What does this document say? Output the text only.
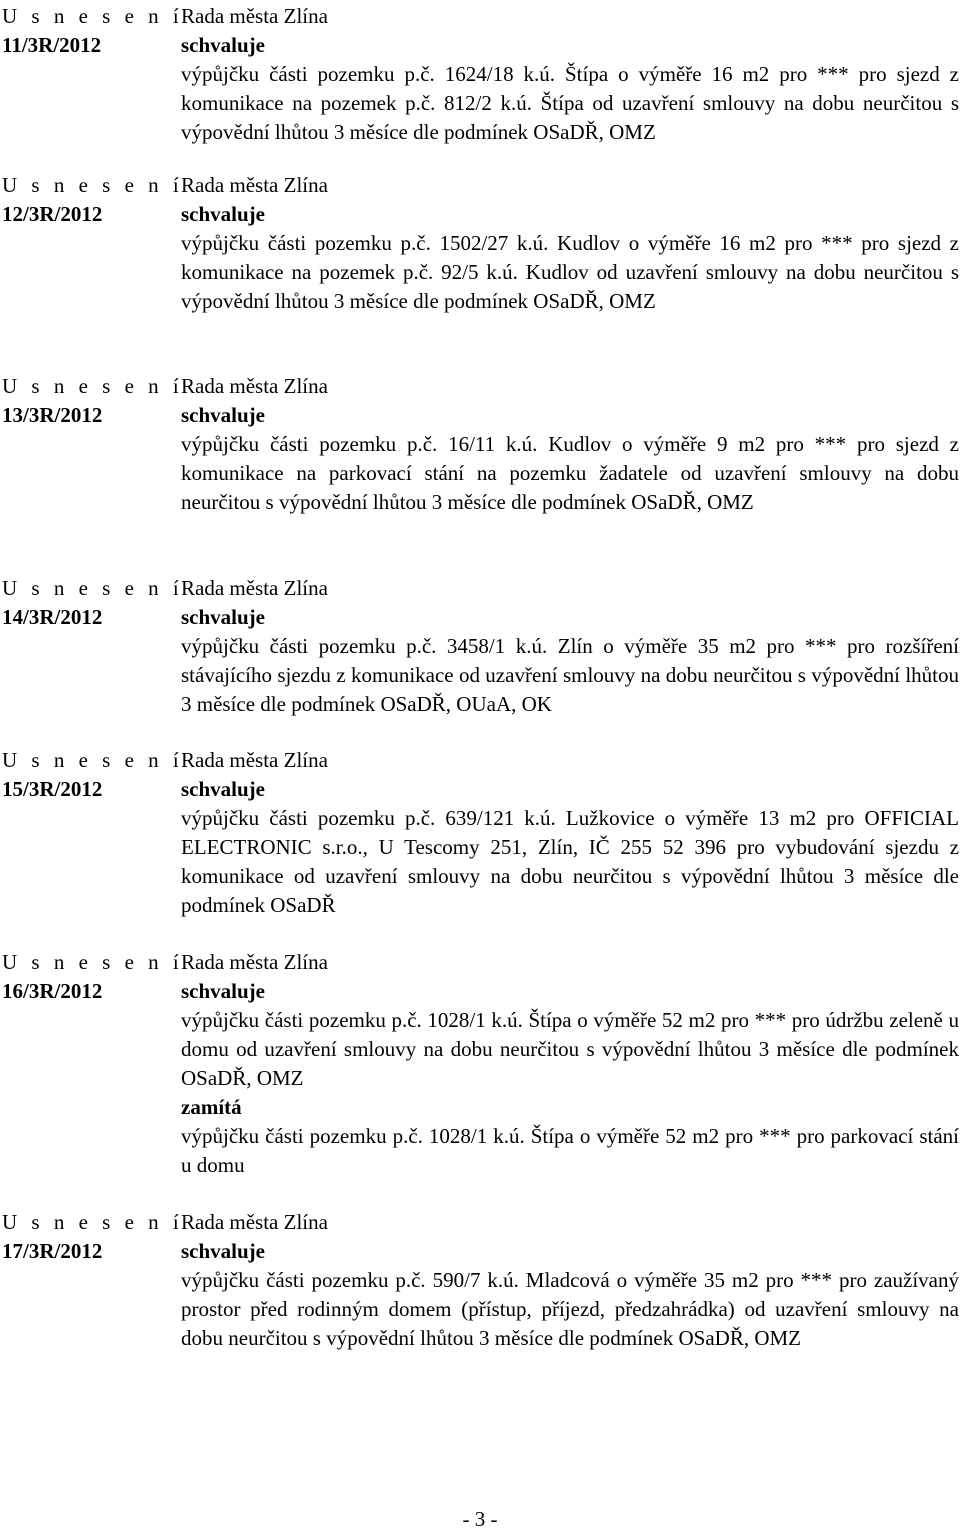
U s n e s e n í
11/3R/2012
Rada města Zlína
schvaluje
výpůjčku části pozemku p.č. 1624/18 k.ú. Štípa o výměře 16 m2 pro *** pro sjezd z komunikace na pozemek p.č. 812/2 k.ú. Štípa od uzavření smlouvy na dobu neurčitou s výpovědní lhůtou 3 měsíce dle podmínek OSaDŘ, OMZ
U s n e s e n í
12/3R/2012
Rada města Zlína
schvaluje
výpůjčku části pozemku p.č. 1502/27 k.ú. Kudlov o výměře 16 m2 pro *** pro sjezd z komunikace na pozemek p.č. 92/5 k.ú. Kudlov od uzavření smlouvy na dobu neurčitou s výpovědní lhůtou 3 měsíce dle podmínek OSaDŘ, OMZ
U s n e s e n í
13/3R/2012
Rada města Zlína
schvaluje
výpůjčku části pozemku p.č. 16/11 k.ú. Kudlov o výměře 9 m2 pro *** pro sjezd z komunikace na parkovací stání na pozemku žadatele od uzavření smlouvy na dobu neurčitou s výpovědní lhůtou 3 měsíce dle podmínek OSaDŘ, OMZ
U s n e s e n í
14/3R/2012
Rada města Zlína
schvaluje
výpůjčku části pozemku p.č. 3458/1 k.ú. Zlín o výměře 35 m2 pro *** pro rozšíření stávajícího sjezdu z komunikace od uzavření smlouvy na dobu neurčitou s výpovědní lhůtou 3 měsíce dle podmínek OSaDŘ, OUaA, OK
U s n e s e n í
15/3R/2012
Rada města Zlína
schvaluje
výpůjčku části pozemku p.č. 639/121 k.ú. Lužkovice o výměře 13 m2 pro OFFICIAL ELECTRONIC s.r.o., U Tescomy 251, Zlín, IČ 255 52 396 pro vybudování sjezdu z komunikace od uzavření smlouvy na dobu neurčitou s výpovědní lhůtou 3 měsíce dle podmínek OSaDŘ
U s n e s e n í
16/3R/2012
Rada města Zlína
schvaluje
výpůjčku části pozemku p.č. 1028/1 k.ú. Štípa o výměře 52 m2 pro *** pro údržbu zeleně u domu od uzavření smlouvy na dobu neurčitou s výpovědní lhůtou 3 měsíce dle podmínek OSaDŘ, OMZ
zamítá
výpůjčku části pozemku p.č. 1028/1 k.ú. Štípa o výměře 52 m2 pro *** pro parkovací stání u domu
U s n e s e n í
17/3R/2012
Rada města Zlína
schvaluje
výpůjčku části pozemku p.č. 590/7 k.ú. Mladcová o výměře 35 m2 pro *** pro zaužívaný prostor před rodinným domem (přístup, příjezd, předzahrádka) od uzavření smlouvy na dobu neurčitou s výpovědní lhůtou 3 měsíce dle podmínek OSaDŘ, OMZ
- 3 -
